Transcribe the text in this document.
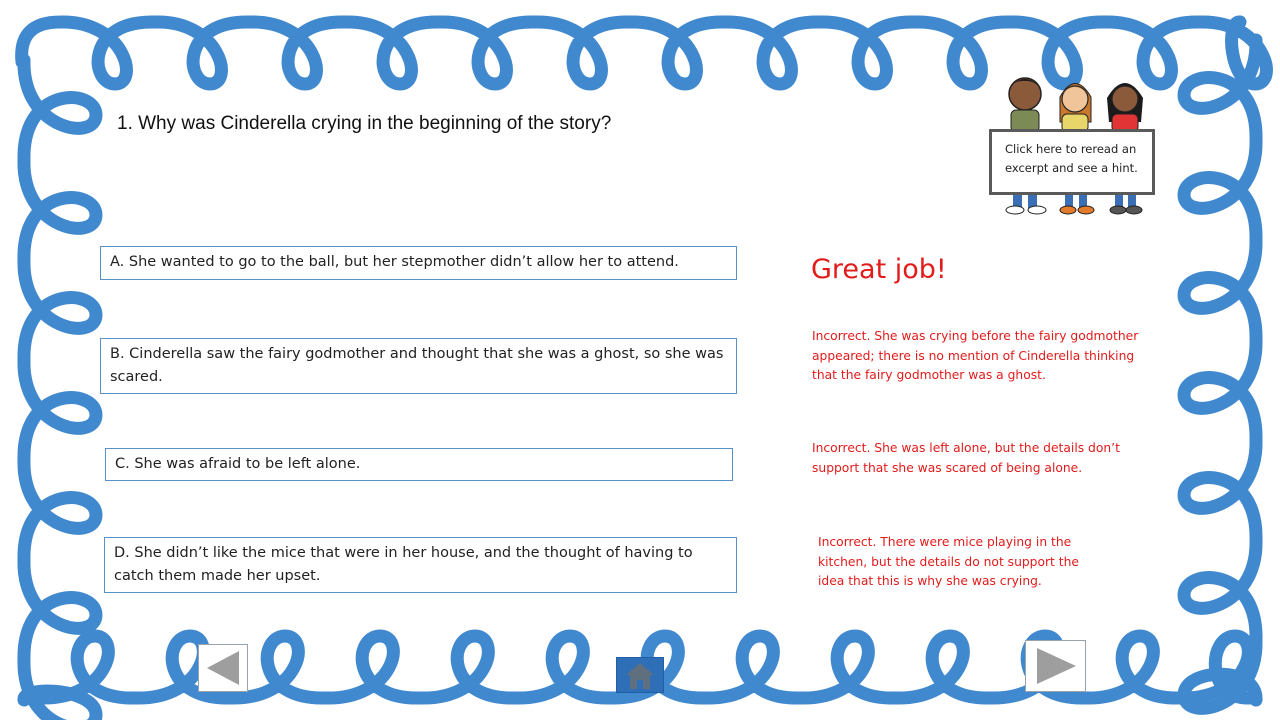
1. Why was Cinderella crying in the beginning of the story?
A. She wanted to go to the ball, but her stepmother didn’t allow her to attend.
B. Cinderella saw the fairy godmother and thought that she was a ghost, so she was scared.
C. She was afraid to be left alone.
D. She didn’t like the mice that were in her house, and the thought of having to catch them made her upset.
Great job!
Incorrect. She was crying before the fairy godmother appeared; there is no mention of Cinderella thinking that the fairy godmother was a ghost.
Incorrect. She was left alone, but the details don’t support that she was scared of being alone.
Incorrect. There were mice playing in the kitchen, but the details do not support the idea that this is why she was crying.
Click here to reread an excerpt and see a hint.
